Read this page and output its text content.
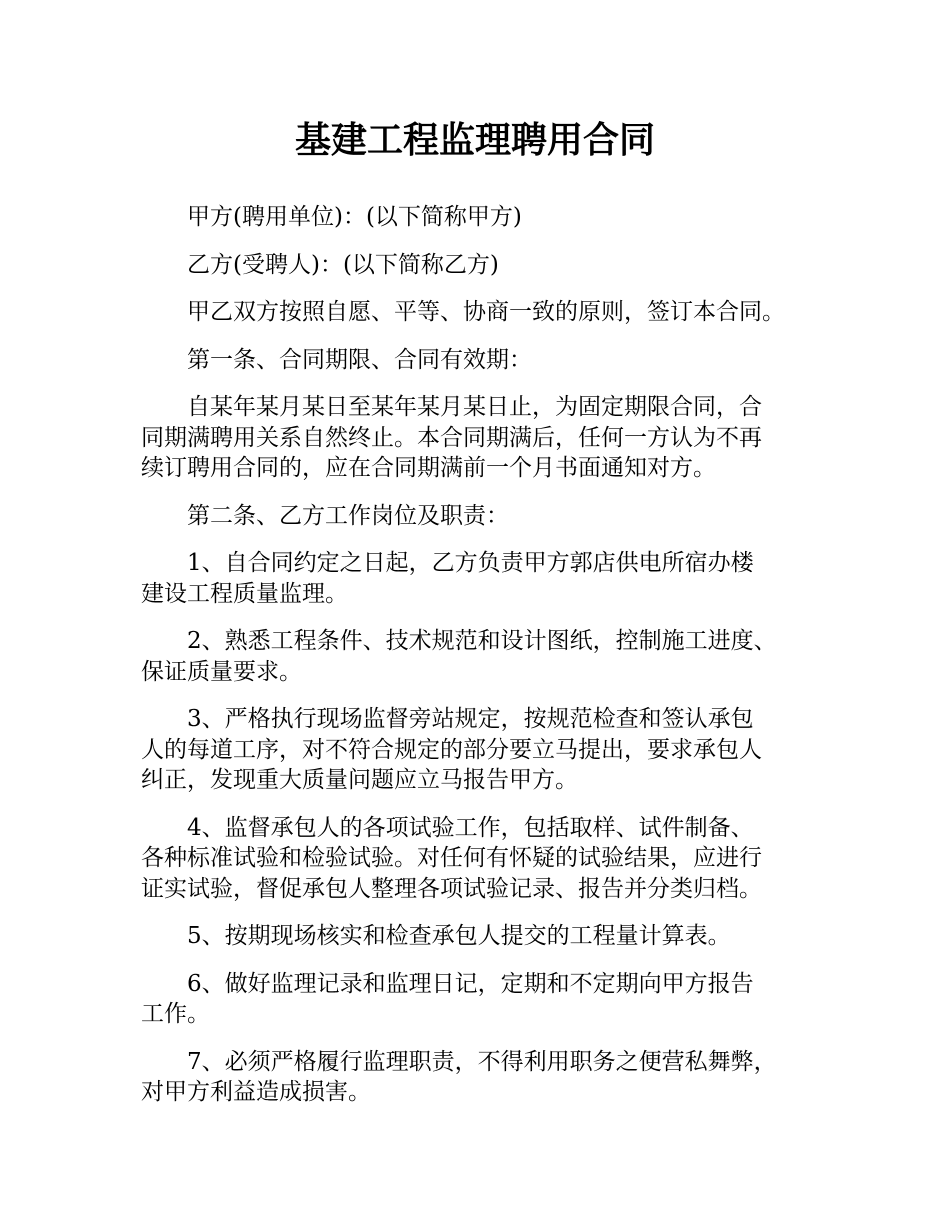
基建工程监理聘用合同

甲方(聘用单位)：(以下简称甲方)

乙方(受聘人)：(以下简称乙方)

甲乙双方按照自愿、平等、协商一致的原则，签订本合同。

第一条、合同期限、合同有效期：

自某年某月某日至某年某月某日止，为固定期限合同，合
同期满聘用关系自然终止。本合同期满后，任何一方认为不再
续订聘用合同的，应在合同期满前一个月书面通知对方。

第二条、乙方工作岗位及职责：

1、自合同约定之日起，乙方负责甲方郭店供电所宿办楼
建设工程质量监理。

2、熟悉工程条件、技术规范和设计图纸，控制施工进度、
保证质量要求。

3、严格执行现场监督旁站规定，按规范检查和签认承包
人的每道工序，对不符合规定的部分要立马提出，要求承包人
纠正，发现重大质量问题应立马报告甲方。

4、监督承包人的各项试验工作，包括取样、试件制备、
各种标准试验和检验试验。对任何有怀疑的试验结果，应进行
证实试验，督促承包人整理各项试验记录、报告并分类归档。

5、按期现场核实和检查承包人提交的工程量计算表。

6、做好监理记录和监理日记，定期和不定期向甲方报告
工作。

7、必须严格履行监理职责，不得利用职务之便营私舞弊，
对甲方利益造成损害。
